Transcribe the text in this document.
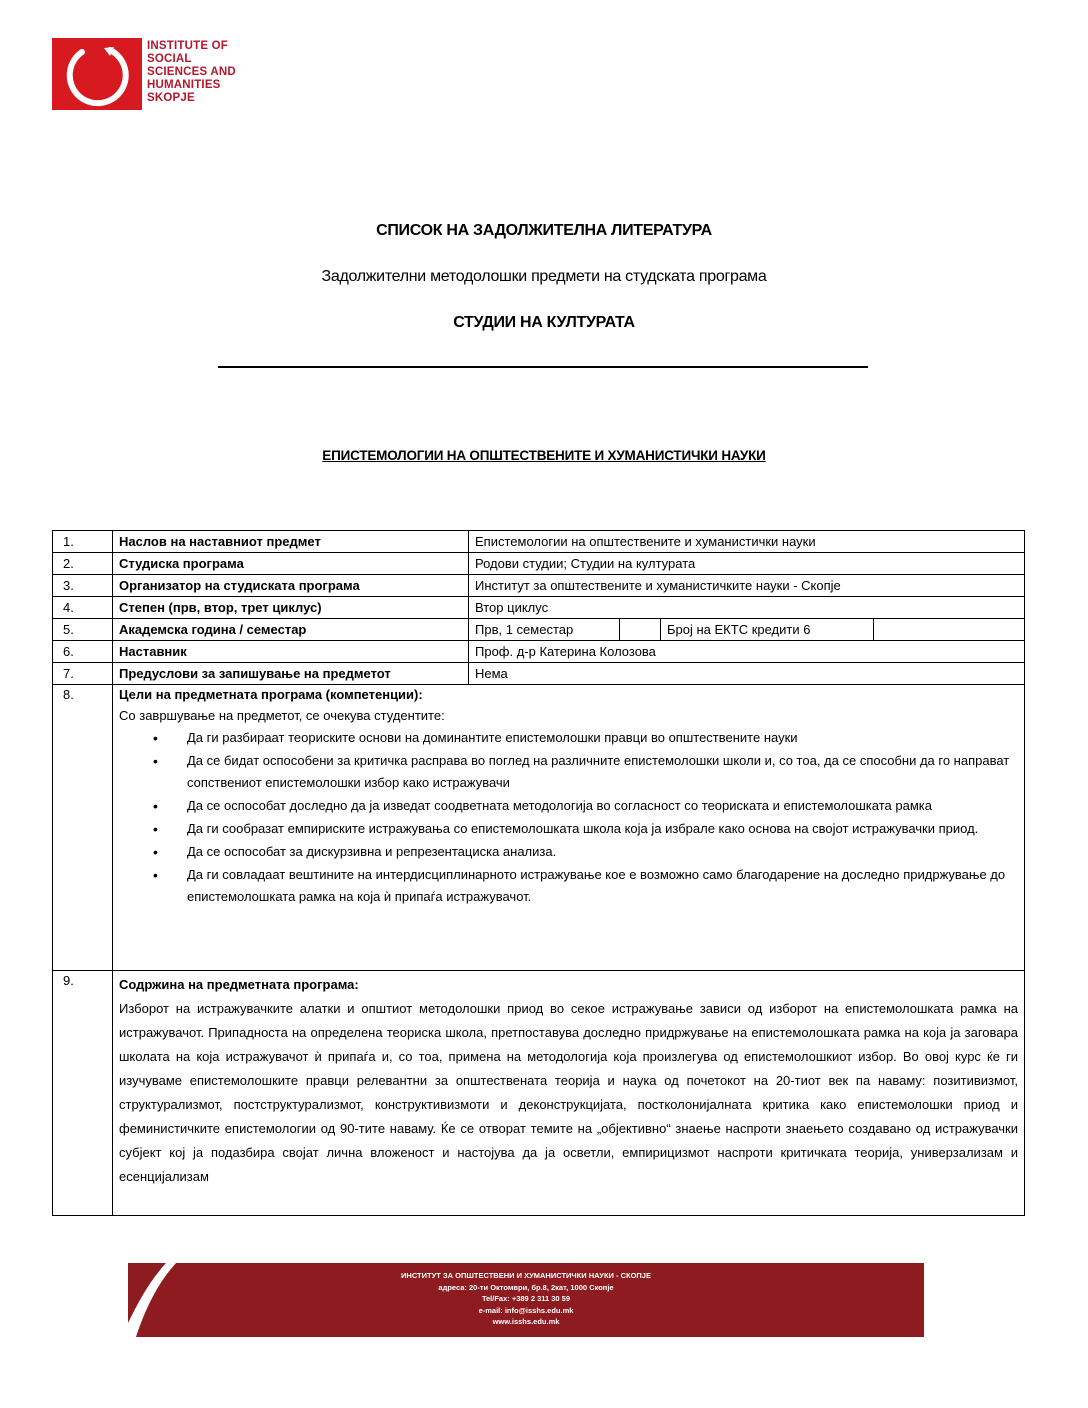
INSTITUTE OF
SOCIAL
SCIENCES AND
HUMANITIES
SKOPJE
СПИСОК НА ЗАДОЛЖИТЕЛНА ЛИТЕРАТУРА
Задолжителни методолошки предмети на студската програма
СТУДИИ НА КУЛТУРАТА
ЕПИСТЕМОЛОГИИ НА ОПШТЕСТВЕНИТЕ И ХУМАНИСТИЧКИ НАУКИ
1.	Наслов на наставниот предмет	Епистемологии на општествените и хуманистички науки
2.	Студиска програма	Родови студии; Студии на културата
3.	Организатор на студиската програма	Институт за општествените и хуманистичките науки - Скопје
4.	Степен (прв, втор, трет циклус)	Втор циклус
5.	Академска година / семестар	Прв, 1 семестар Број на ЕКТС кредити 6

6.	Наставник	Проф. д-р Катерина Колозова
7.	Предуслови за запишување на предметот	Нема
8.	Цели на предметната програма (компетенции):
Со завршување на предметот, се очекува студентите:
• Да ги разбираат теориските основи на доминантите епистемолошки правци во општествените науки
• Да се бидат оспособени за критичка расправа во поглед на различните епистемолошки школи и, со тоа, да се способни да го направат сопствениот епистемолошки избор како истражувачи
• Да се оспособат доследно да ја изведат соодветната методологија во согласност со теориската и епистемолошката рамка
• Да ги сообразат емпириските истражувања со епистемолошката школа која ја избрале како основа на својот истражувачки приод.
• Да се оспособат за дискурзивна и репрезентациска анализа.
• Да ги совладаат вештините на интердисциплинарното истражување кое е возможно само благодарение на доследно придржување до епистемолошката рамка на која ѝ припаѓа истражувачот.

9.	Содржина на предметната програма:
Изборот на истражувачките алатки и општиот методолошки приод во секое истражување зависи од изборот на епистемолошката рамка на истражувачот. Припадноста на определена теориска школа, претпоставува доследно придржување на епистемолошката рамка на која ја заговара школата на која истражувачот ѝ припаѓа и, со тоа, примена на методологија која произлегува од епистемолошкиот избор. Во овој курс ќе ги изучуваме епистемолошките правци релевантни за општествената теорија и наука од почетокот на 20-тиот век па наваму: позитивизмот, структурализмот, постструктурализмот, конструктивизмоти и деконструкцијата, постколонијалната критика како епистемолошки приод и феминистичките епистемологии од 90-тите наваму. Ќе се отворат темите на „објективно“ знаење наспроти знаењето создавано од истражувачки субјект кој ја подазбира својат лична вложеност и настојува да ја осветли, емпирицизмот наспроти критичката теорија, универзализам и есенцијализам	
ИНСТИТУТ ЗА ОПШТЕСТВЕНИ И ХУМАНИСТИЧКИ НАУКИ - СКОПЈЕ
адреса: 20-ти Октомври, бр.8, 2кат, 1000 Скопје
Tel/Fax: +389 2 311 30 59
e-mail: info@isshs.edu.mk
www.isshs.edu.mk
